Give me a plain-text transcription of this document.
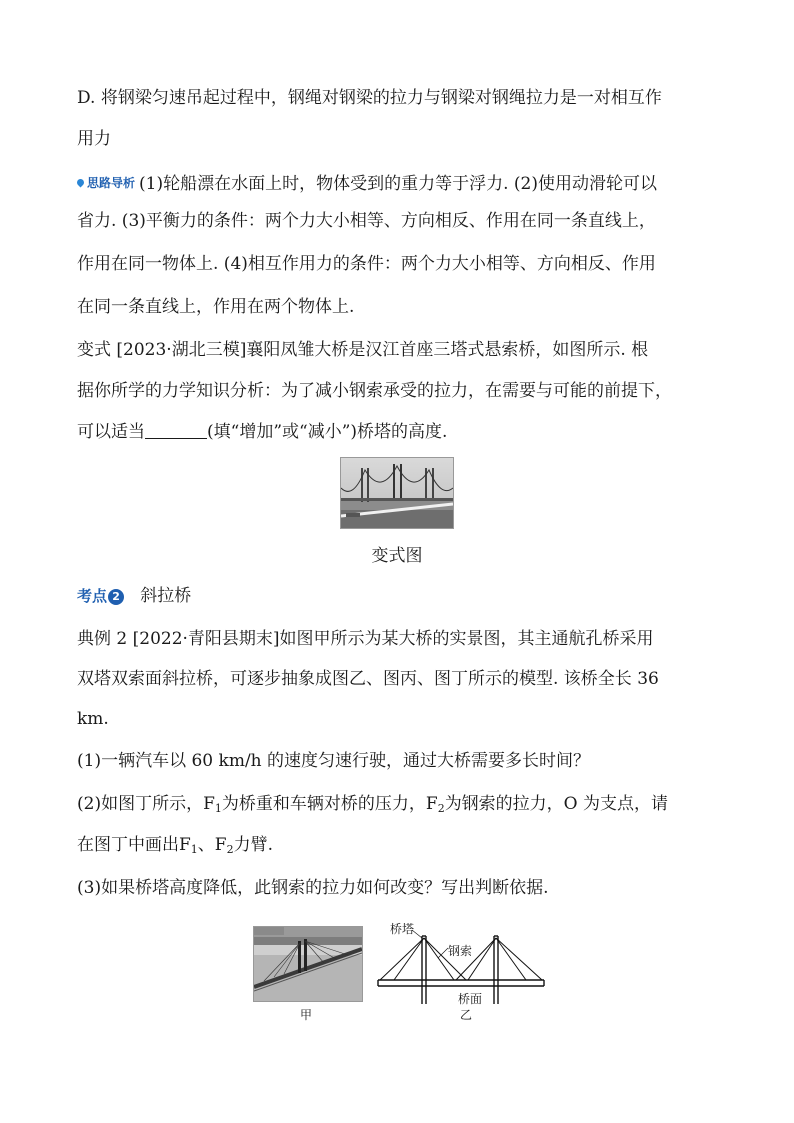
D. 将钢梁匀速吊起过程中，钢绳对钢梁的拉力与钢梁对钢绳拉力是一对相互作
用力
思路导析 (1)轮船漂在水面上时，物体受到的重力等于浮力. (2)使用动滑轮可以
省力. (3)平衡力的条件：两个力大小相等、方向相反、作用在同一条直线上，
作用在同一物体上. (4)相互作用力的条件：两个力大小相等、方向相反、作用
在同一条直线上，作用在两个物体上.
变式 [2023·湖北三模]襄阳凤雏大桥是汉江首座三塔式悬索桥，如图所示. 根
据你所学的力学知识分析：为了减小钢索承受的拉力，在需要与可能的前提下，
可以适当	(填“增加”或“减小”)桥塔的高度.
变式图
考点 2 斜拉桥
典例 2 [2022·青阳县期末]如图甲所示为某大桥的实景图，其主通航孔桥采用
双塔双索面斜拉桥，可逐步抽象成图乙、图丙、图丁所示的模型. 该桥全长 36
km.
(1)一辆汽车以 60 km/h 的速度匀速行驶，通过大桥需要多长时间？
(2)如图丁所示，$F_1$为桥重和车辆对桥的压力，$F_2$为钢索的拉力，O 为支点，请
在图丁中画出$F_1$、$F_2$力臂.
(3)如果桥塔高度降低，此钢索的拉力如何改变？写出判断依据.
甲
桥塔
钢索
桥面
乙
